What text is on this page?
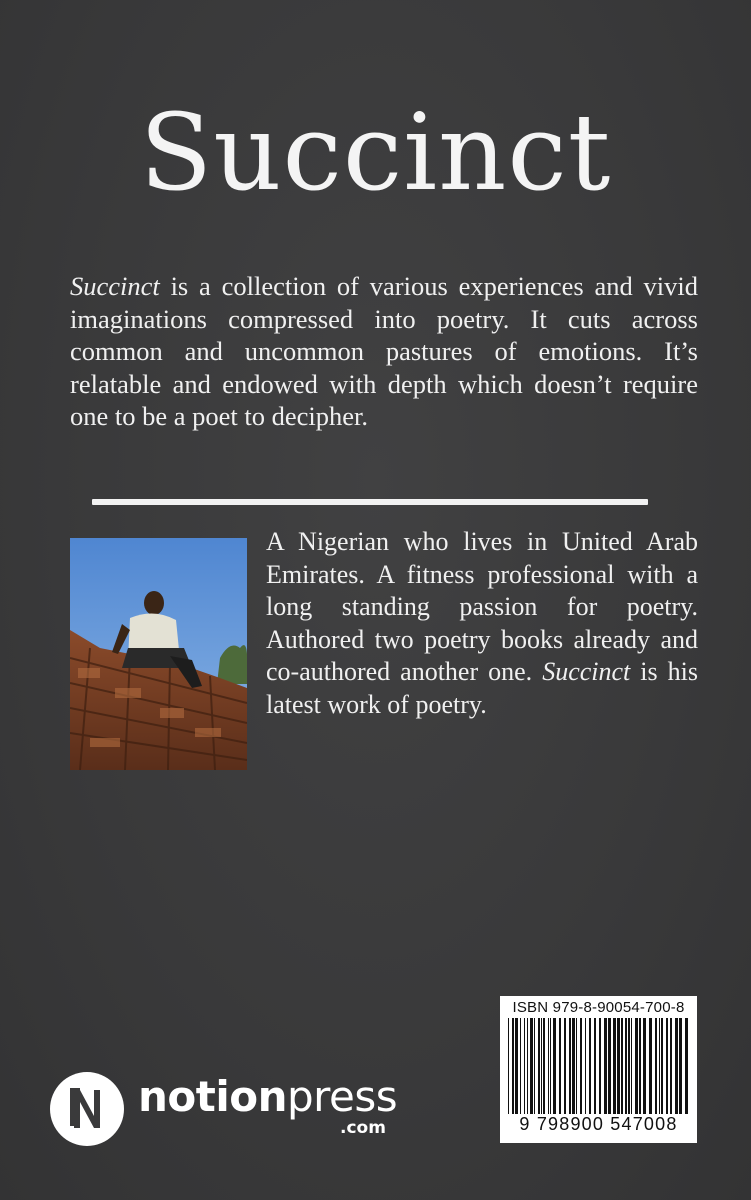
Succinct
Succinct is a collection of various experiences and vivid imaginations compressed into poetry. It cuts across common and uncommon pastures of emotions. It’s relatable and endowed with depth which doesn’t require one to be a poet to decipher.
A Nigerian who lives in United Arab Emirates. A fitness professional with a long standing passion for poetry. Authored two poetry books already and co-authored another one. Succinct is his latest work of poetry.
ISBN 979-8-90054-700-8
9 798900 547008
notionpress
.com
